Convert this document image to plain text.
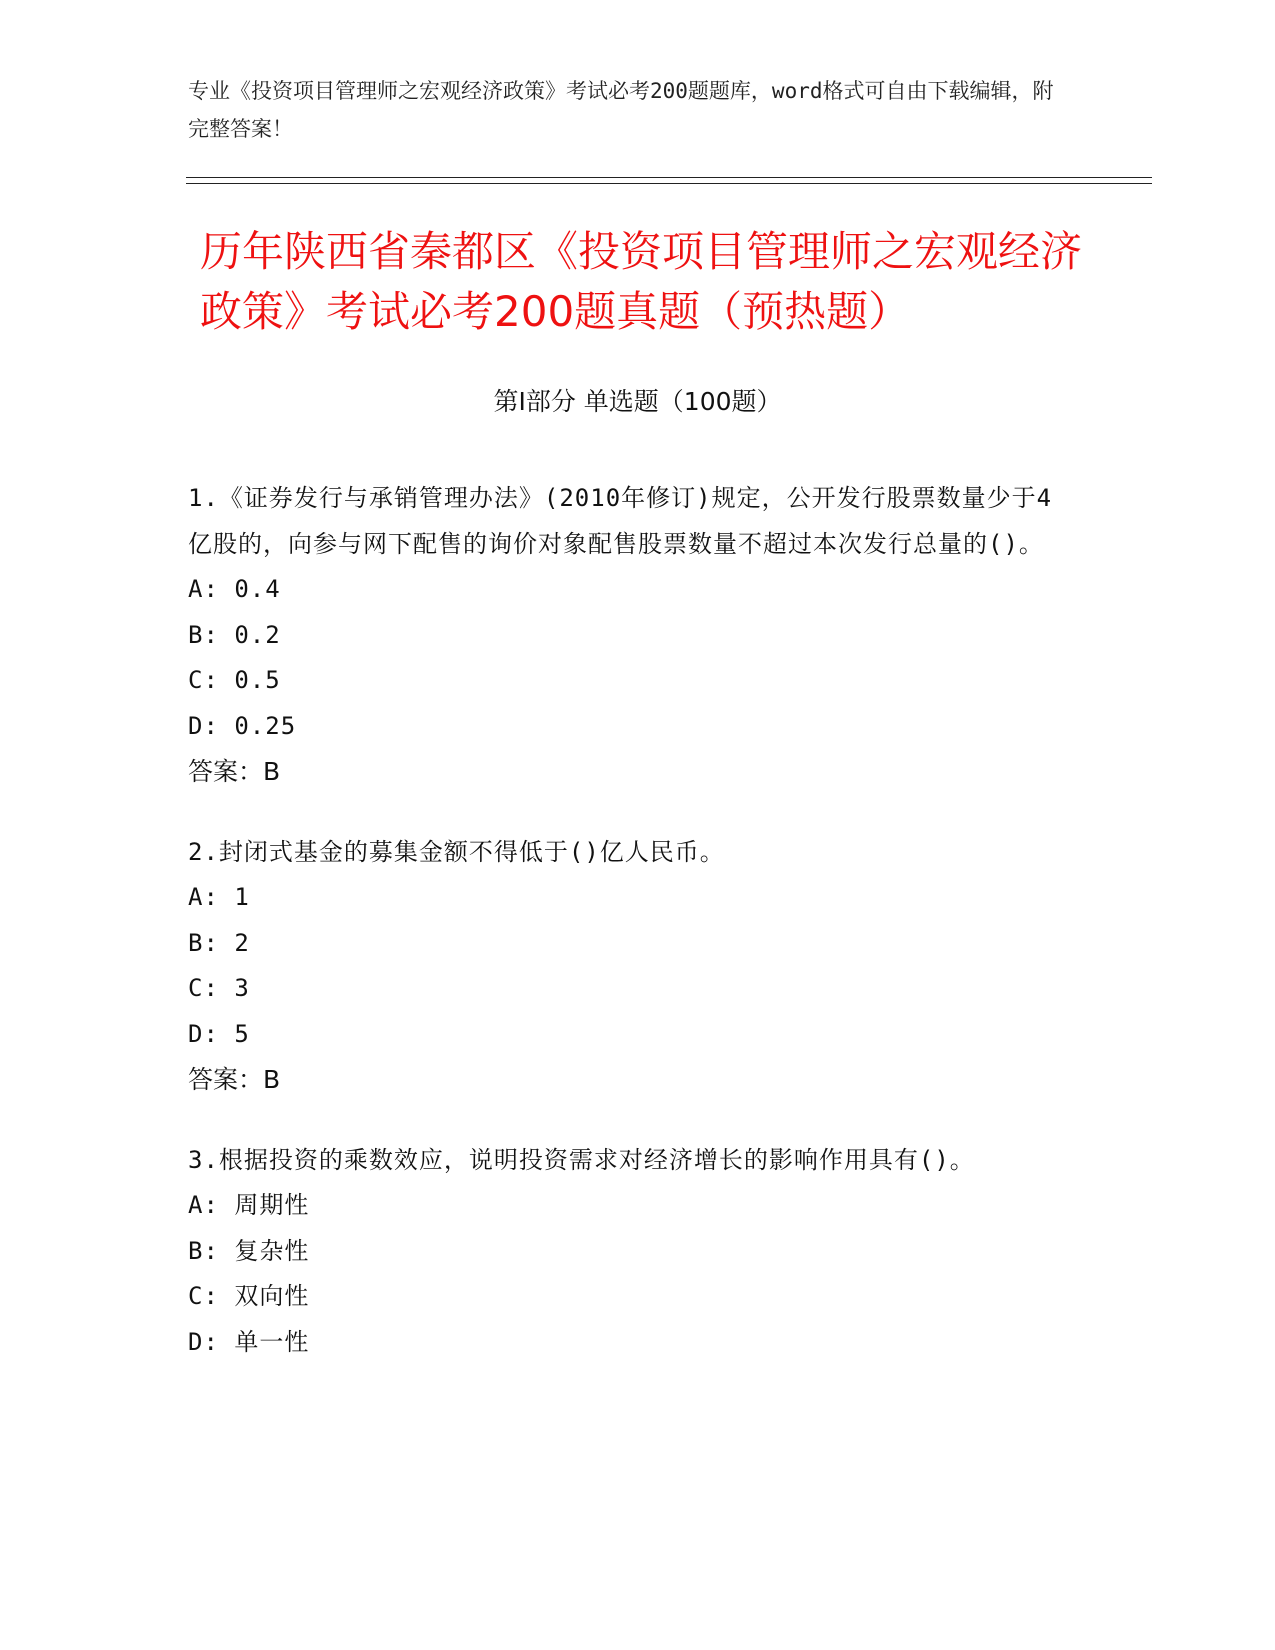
专业《投资项目管理师之宏观经济政策》考试必考200题题库，word格式可自由下载编辑，附完整答案！
历年陕西省秦都区《投资项目管理师之宏观经济政策》考试必考200题真题（预热题）
第I部分 单选题（100题）
1.《证券发行与承销管理办法》(2010年修订)规定，公开发行股票数量少于4亿股的，向参与网下配售的询价对象配售股票数量不超过本次发行总量的()。
A: 0.4
B: 0.2
C: 0.5
D: 0.25
答案：B
2.封闭式基金的募集金额不得低于()亿人民币。
A: 1
B: 2
C: 3
D: 5
答案：B
3.根据投资的乘数效应，说明投资需求对经济增长的影响作用具有()。
A: 周期性
B: 复杂性
C: 双向性
D: 单一性
